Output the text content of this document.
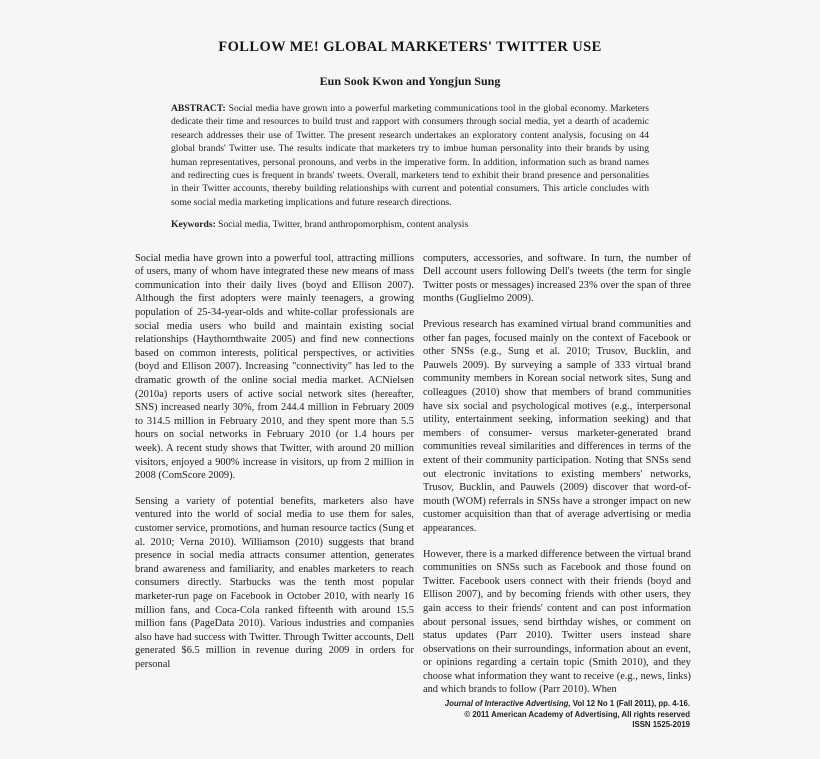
FOLLOW ME! GLOBAL MARKETERS' TWITTER USE
Eun Sook Kwon and Yongjun Sung
ABSTRACT: Social media have grown into a powerful marketing communications tool in the global economy. Marketers dedicate their time and resources to build trust and rapport with consumers through social media, yet a dearth of academic research addresses their use of Twitter. The present research undertakes an exploratory content analysis, focusing on 44 global brands' Twitter use. The results indicate that marketers try to imbue human personality into their brands by using human representatives, personal pronouns, and verbs in the imperative form. In addition, information such as brand names and redirecting cues is frequent in brands' tweets. Overall, marketers tend to exhibit their brand presence and personalities in their Twitter accounts, thereby building relationships with current and potential consumers. This article concludes with some social media marketing implications and future research directions.
Keywords: Social media, Twitter, brand anthropomorphism, content analysis

Social media have grown into a powerful tool, attracting millions of users, many of whom have integrated these new means of mass communication into their daily lives (boyd and Ellison 2007). Although the first adopters were mainly teenagers, a growing population of 25-34-year-olds and white-collar professionals are social media users who build and maintain existing social relationships (Haythornthwaite 2005) and find new connections based on common interests, political perspectives, or activities (boyd and Ellison 2007). Increasing "connectivity" has led to the dramatic growth of the online social media market. ACNielsen (2010a) reports users of active social network sites (hereafter, SNS) increased nearly 30%, from 244.4 million in February 2009 to 314.5 million in February 2010, and they spent more than 5.5 hours on social networks in February 2010 (or 1.4 hours per week). A recent study shows that Twitter, with around 20 million visitors, enjoyed a 900% increase in visitors, up from 2 million in 2008 (ComScore 2009).

Sensing a variety of potential benefits, marketers also have ventured into the world of social media to use them for sales, customer service, promotions, and human resource tactics (Sung et al. 2010; Verna 2010). Williamson (2010) suggests that brand presence in social media attracts consumer attention, generates brand awareness and familiarity, and enables marketers to reach consumers directly. Starbucks was the tenth most popular marketer-run page on Facebook in October 2010, with nearly 16 million fans, and Coca-Cola ranked fifteenth with around 15.5 million fans (PageData 2010). Various industries and companies also have had success with Twitter. Through Twitter accounts, Dell generated $6.5 million in revenue during 2009 in orders for personal

computers, accessories, and software. In turn, the number of Dell account users following Dell's tweets (the term for single Twitter posts or messages) increased 23% over the span of three months (Guglielmo 2009).

Previous research has examined virtual brand communities and other fan pages, focused mainly on the context of Facebook or other SNSs (e.g., Sung et al. 2010; Trusov, Bucklin, and Pauwels 2009). By surveying a sample of 333 virtual brand community members in Korean social network sites, Sung and colleagues (2010) show that members of brand communities have six social and psychological motives (e.g., interpersonal utility, entertainment seeking, information seeking) and that members of consumer- versus marketer-generated brand communities reveal similarities and differences in terms of the extent of their community participation. Noting that SNSs send out electronic invitations to existing members' networks, Trusov, Bucklin, and Pauwels (2009) discover that word-of-mouth (WOM) referrals in SNSs have a stronger impact on new customer acquisition than that of average advertising or media appearances.

However, there is a marked difference between the virtual brand communities on SNSs such as Facebook and those found on Twitter. Facebook users connect with their friends (boyd and Ellison 2007), and by becoming friends with other users, they gain access to their friends' content and can post information about personal issues, send birthday wishes, or comment on status updates (Parr 2010). Twitter users instead share observations on their surroundings, information about an event, or opinions regarding a certain topic (Smith 2010), and they choose what information they want to receive (e.g., news, links) and which brands to follow (Parr 2010). When

Journal of Interactive Advertising, Vol 12 No 1 (Fall 2011), pp. 4-16.
© 2011 American Academy of Advertising, All rights reserved
ISSN 1525-2019
